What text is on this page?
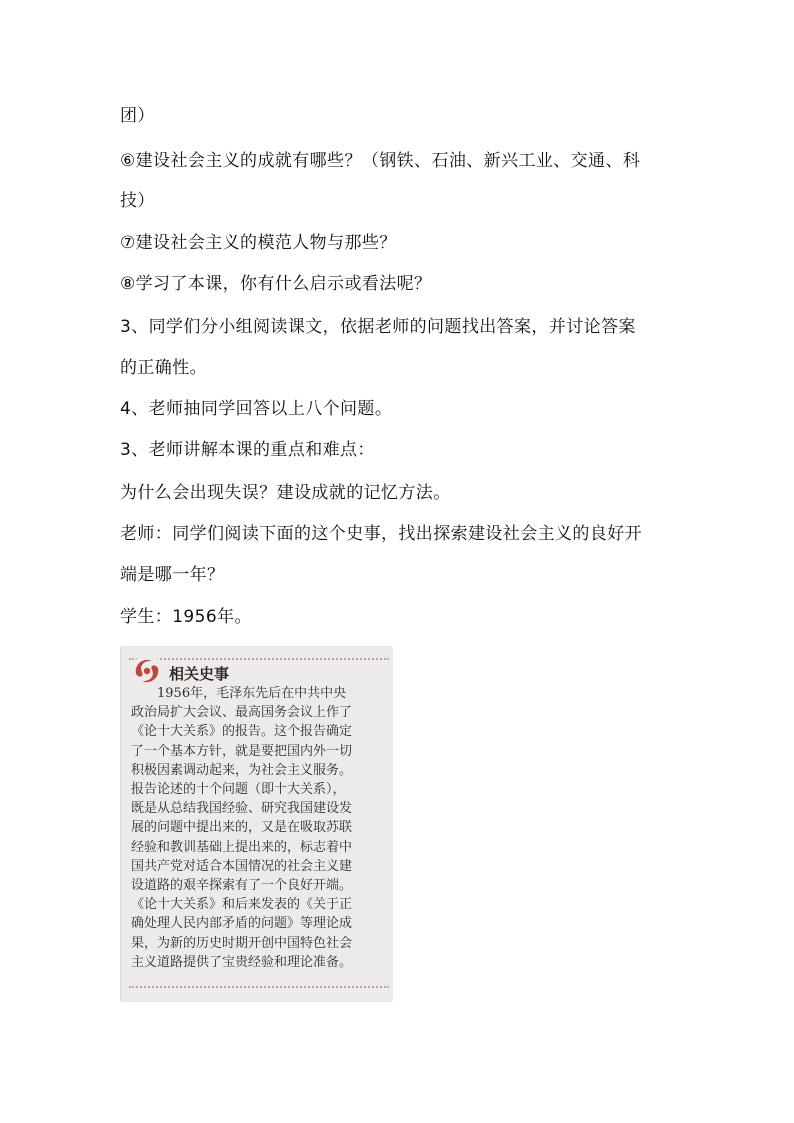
团）
⑥建设社会主义的成就有哪些？（钢铁、石油、新兴工业、交通、科
技）
⑦建设社会主义的模范人物与那些？
⑧学习了本课，你有什么启示或看法呢？
3、同学们分小组阅读课文，依据老师的问题找出答案，并讨论答案
的正确性。
4、老师抽同学回答以上八个问题。
3、老师讲解本课的重点和难点：
为什么会出现失误？建设成就的记忆方法。
老师：同学们阅读下面的这个史事，找出探索建设社会主义的良好开
端是哪一年？
学生：1956年。
相关史事
　　1956年，毛泽东先后在中共中央
政治局扩大会议、最高国务会议上作了
《论十大关系》的报告。这个报告确定
了一个基本方针，就是要把国内外一切
积极因素调动起来，为社会主义服务。
报告论述的十个问题（即十大关系），
既是从总结我国经验、研究我国建设发
展的问题中提出来的，又是在吸取苏联
经验和教训基础上提出来的，标志着中
国共产党对适合本国情况的社会主义建
设道路的艰辛探索有了一个良好开端。
《论十大关系》和后来发表的《关于正
确处理人民内部矛盾的问题》等理论成
果，为新的历史时期开创中国特色社会
主义道路提供了宝贵经验和理论准备。
